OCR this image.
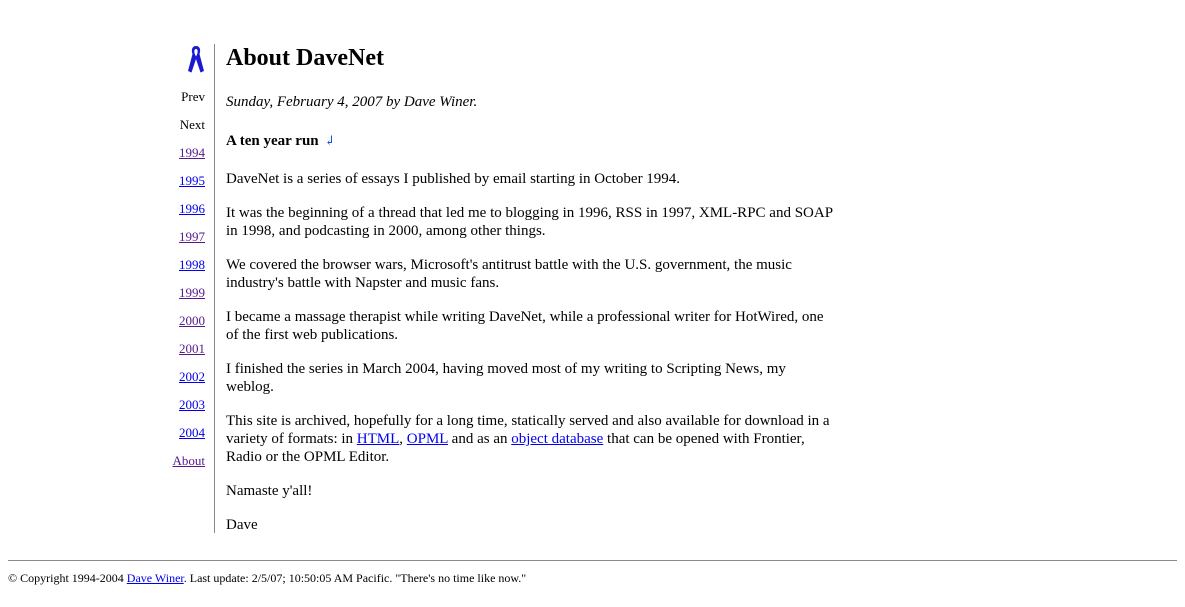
Prev
Next
1994
1995
1996
1997
1998
1999
2000
2001
2002
2003
2004
About
About DaveNet
Sunday, February 4, 2007 by Dave Winer.
A ten year run ↲

DaveNet is a series of essays I published by email starting in October 1994.

It was the beginning of a thread that led me to blogging in 1996, RSS in 1997, XML-RPC and SOAP in 1998, and podcasting in 2000, among other things.

We covered the browser wars, Microsoft's antitrust battle with the U.S. government, the music industry's battle with Napster and music fans.

I became a massage therapist while writing DaveNet, while a professional writer for HotWired, one of the first web publications.

I finished the series in March 2004, having moved most of my writing to Scripting News, my weblog.

This site is archived, hopefully for a long time, statically served and also available for download in a variety of formats: in HTML, OPML and as an object database that can be opened with Frontier, Radio or the OPML Editor.

Namaste y'all!

Dave

© Copyright 1994-2004 Dave Winer. Last update: 2/5/07; 10:50:05 AM Pacific. "There's no time like now."
